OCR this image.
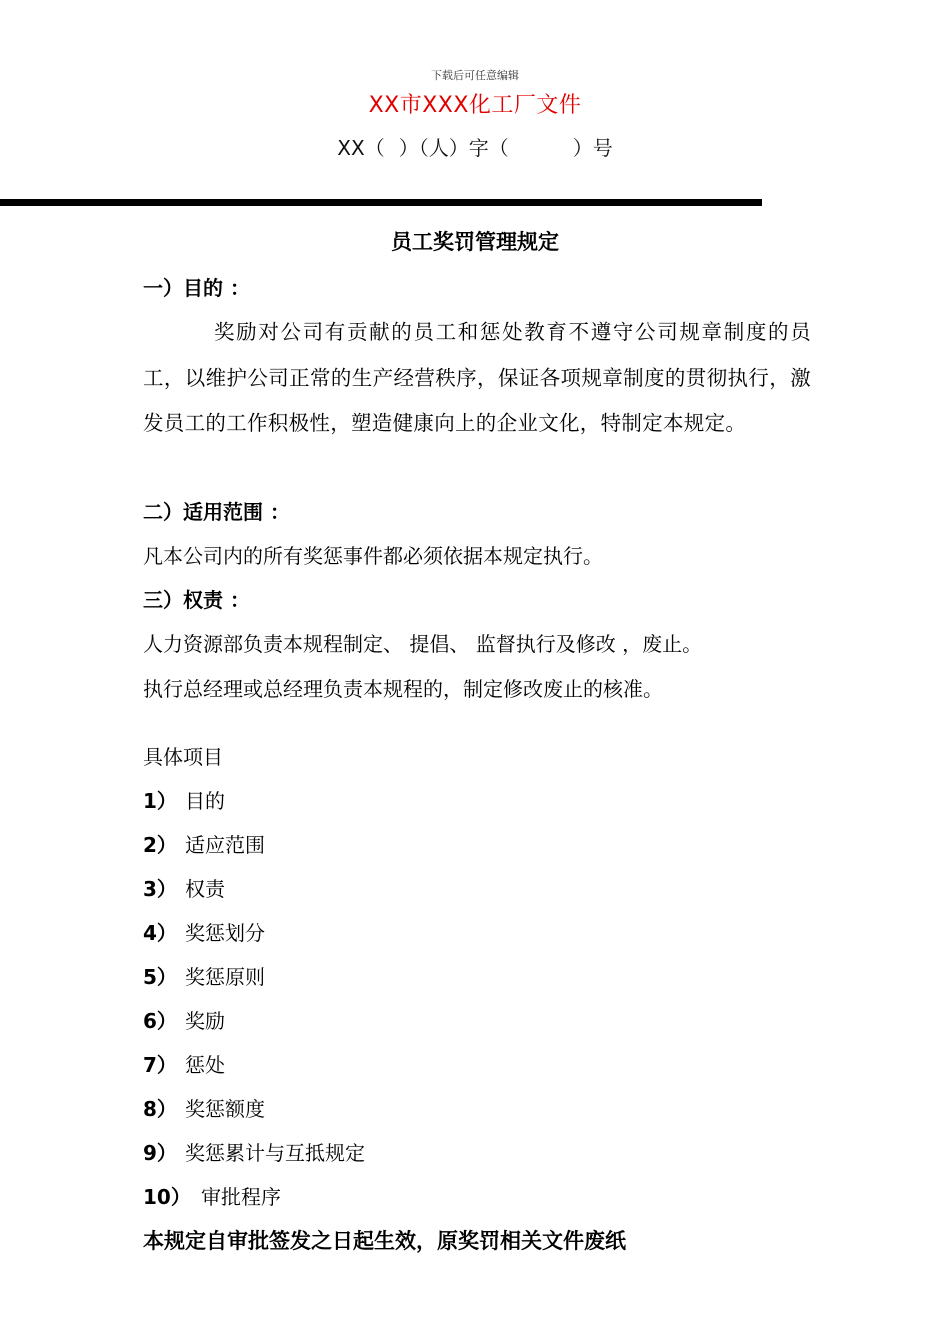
下载后可任意编辑
XX市XXX化工厂文件
XX（ ）（人）字（	）号
员工奖罚管理规定
一）目的 ：
奖励对公司有贡献的员工和惩处教育不遵守公司规章制度的员工，以维护公司正常的生产经营秩序，保证各项规章制度的贯彻执行，激发员工的工作积极性，塑造健康向上的企业文化，特制定本规定。
二）适用范围 ：
凡本公司内的所有奖惩事件都必须依据本规定执行。
三）权责 ：
人力资源部负责本规程制定、 提倡、 监督执行及修改 ，废止。
执行总经理或总经理负责本规程的，制定修改废止的核准。
具体项目
1） 目的
2） 适应范围
3） 权责
4） 奖惩划分
5） 奖惩原则
6） 奖励
7） 惩处
8） 奖惩额度
9） 奖惩累计与互抵规定
10） 审批程序
本规定自审批签发之日起生效，原奖罚相关文件废纸
